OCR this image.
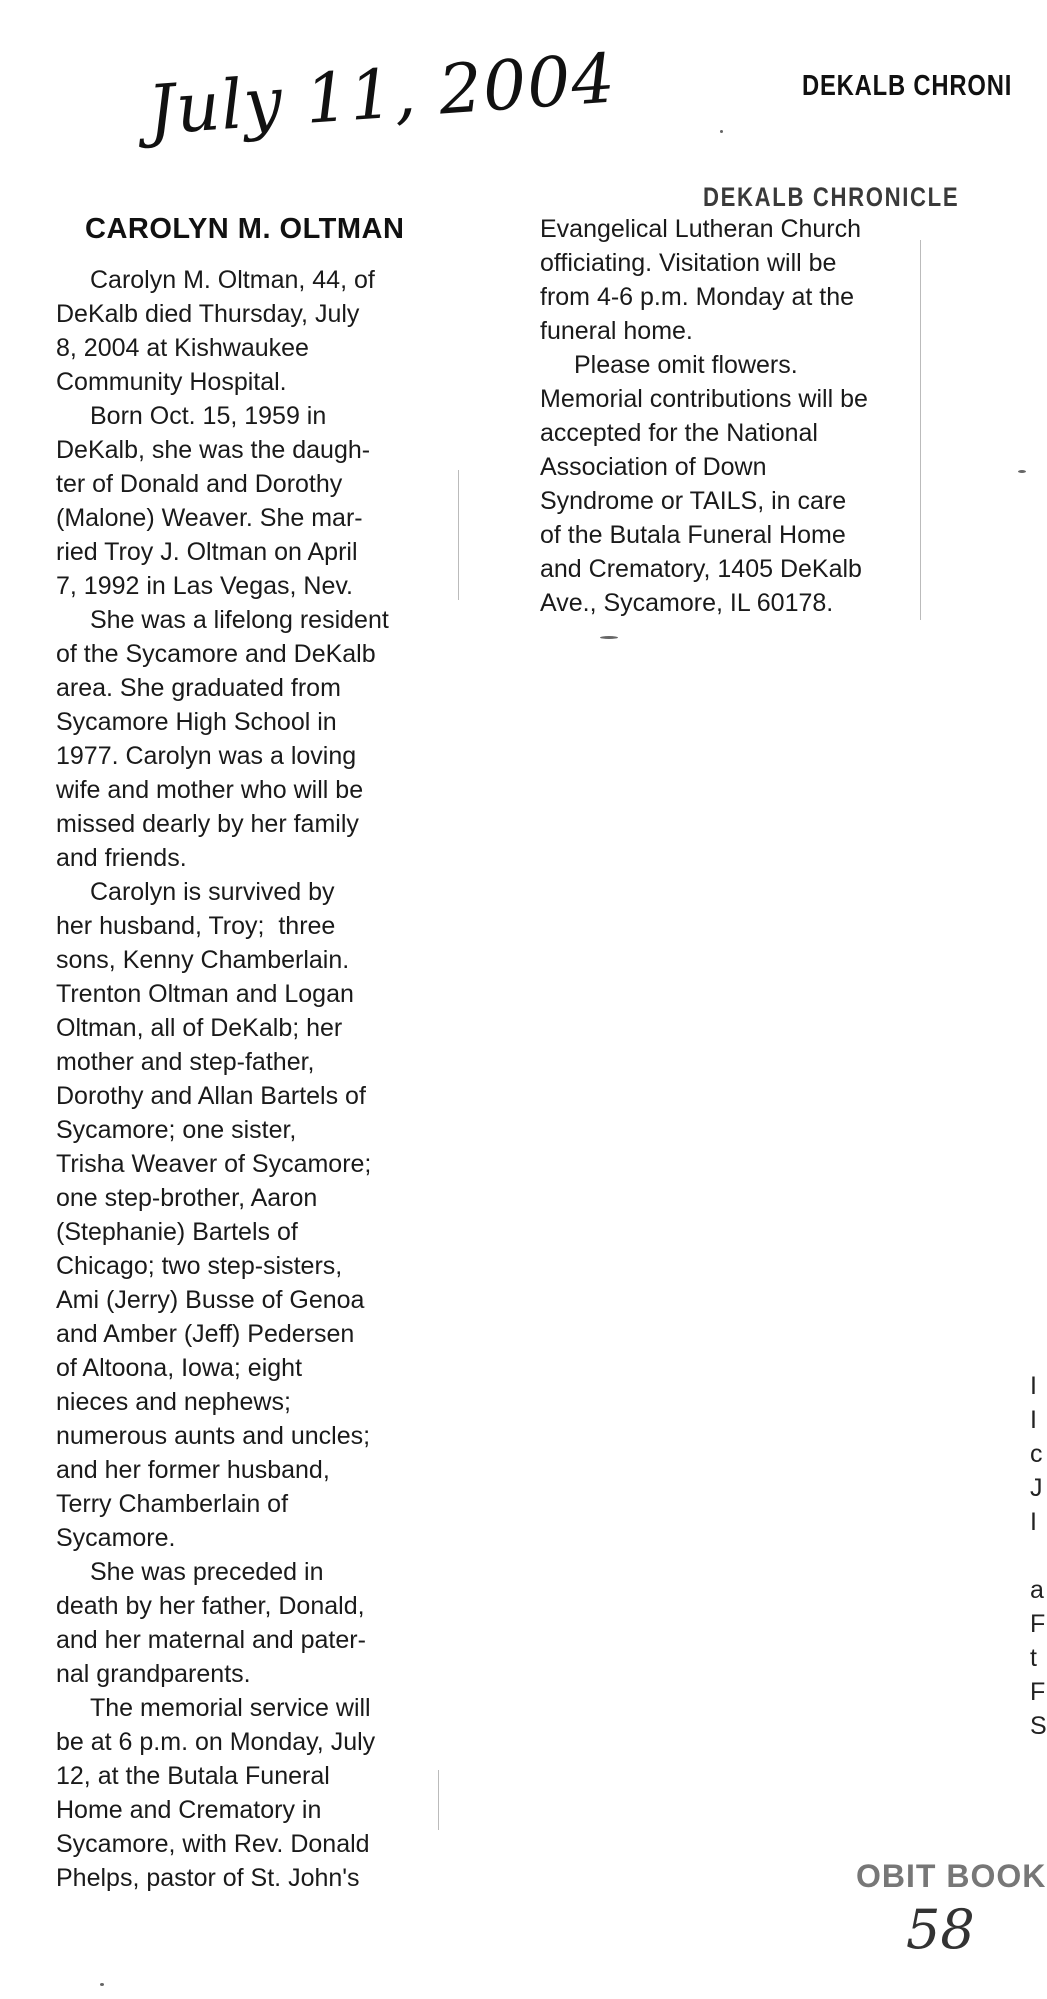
July 11, 2004	DEKALB CHRONI
DEKALB CHRONICLE
CAROLYN M. OLTMAN
Carolyn M. Oltman, 44, of
DeKalb died Thursday, July
8, 2004 at Kishwaukee
Community Hospital.
Born Oct. 15, 1959 in
DeKalb, she was the daugh-
ter of Donald and Dorothy
(Malone) Weaver. She mar-
ried Troy J. Oltman on April
7, 1992 in Las Vegas, Nev.
She was a lifelong resident
of the Sycamore and DeKalb
area. She graduated from
Sycamore High School in
1977. Carolyn was a loving
wife and mother who will be
missed dearly by her family
and friends.
Carolyn is survived by
her husband, Troy;  three
sons, Kenny Chamberlain.
Trenton Oltman and Logan
Oltman, all of DeKalb; her
mother and step-father,
Dorothy and Allan Bartels of
Sycamore; one sister,
Trisha Weaver of Sycamore;
one step-brother, Aaron
(Stephanie) Bartels of
Chicago; two step-sisters,
Ami (Jerry) Busse of Genoa
and Amber (Jeff) Pedersen
of Altoona, Iowa; eight
nieces and nephews;
numerous aunts and uncles;
and her former husband,
Terry Chamberlain of
Sycamore.
She was preceded in
death by her father, Donald,
and her maternal and pater-
nal grandparents.
The memorial service will
be at 6 p.m. on Monday, July
12, at the Butala Funeral
Home and Crematory in
Sycamore, with Rev. Donald
Phelps, pastor of St. John's
Evangelical Lutheran Church
officiating. Visitation will be
from 4-6 p.m. Monday at the
funeral home.
Please omit flowers.
Memorial contributions will be
accepted for the National
Association of Down
Syndrome or TAILS, in care
of the Butala Funeral Home
and Crematory, 1405 DeKalb
Ave., Sycamore, IL 60178.
I
I
c
J
I
a
F
t
F
S
OBIT BOOK
58
